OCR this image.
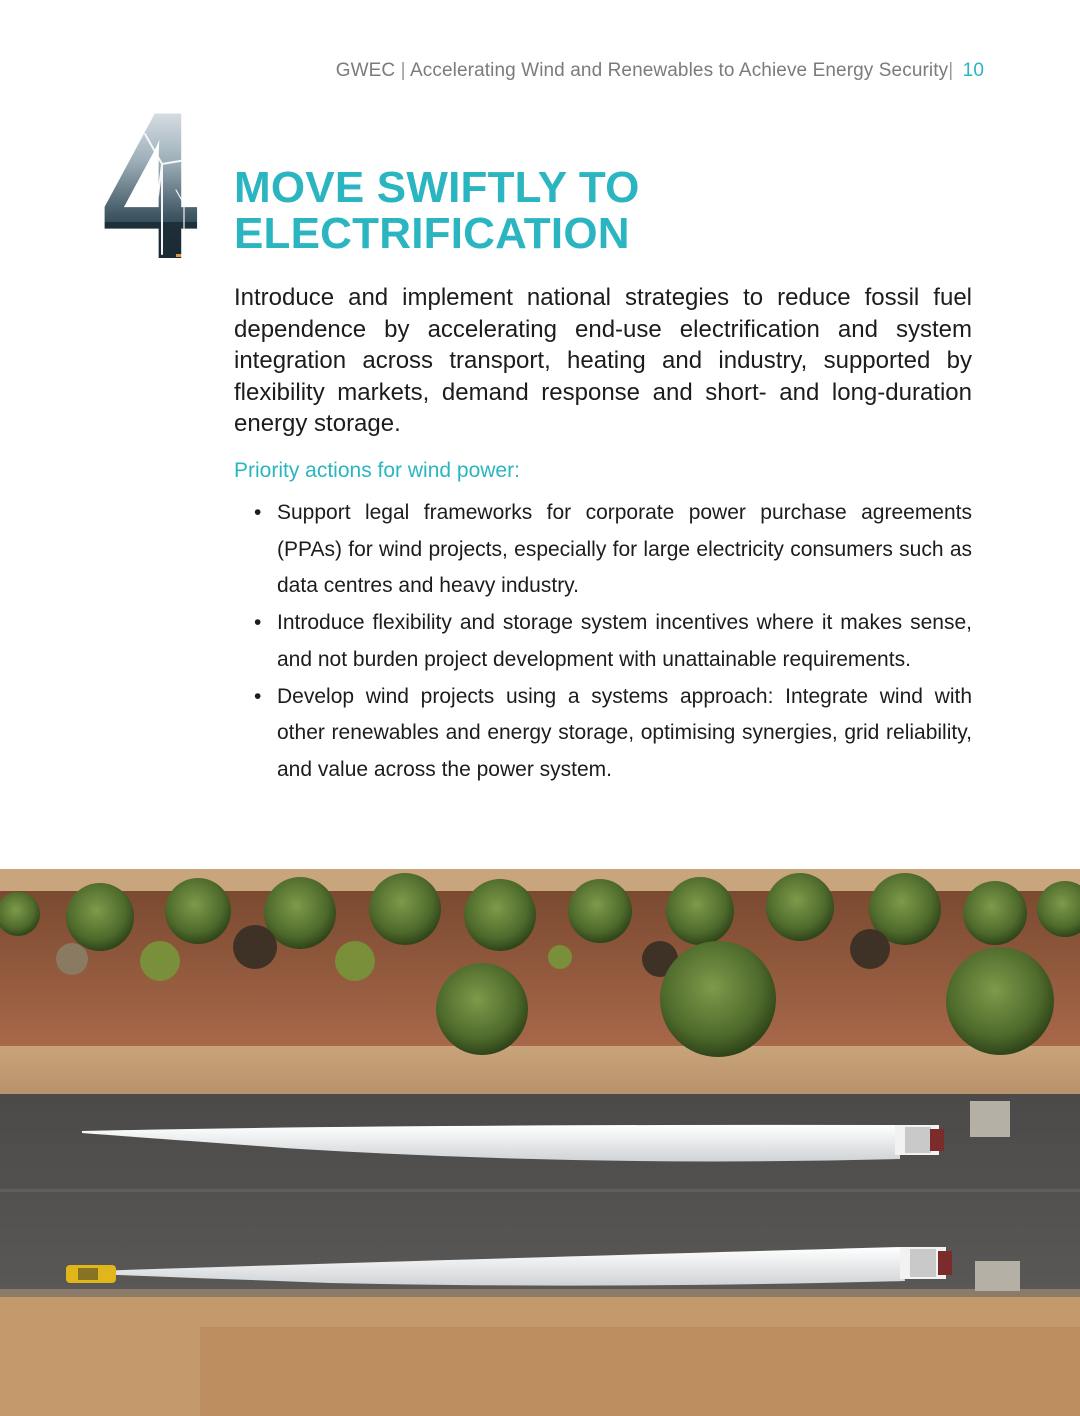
GWEC | Accelerating Wind and Renewables to Achieve Energy Security| 10
MOVE SWIFTLY TO
ELECTRIFICATION

Introduce and implement national strategies to reduce fossil fuel dependence by accelerating end-use electrification and system integration across transport, heating and industry, supported by flexibility markets, demand response and short- and long-duration energy storage.

Priority actions for wind power:
• Support legal frameworks for corporate power purchase agreements (PPAs) for wind projects, especially for large electricity consumers such as data centres and heavy industry.
• Introduce flexibility and storage system incentives where it makes sense, and not burden project development with unattainable requirements.
• Develop wind projects using a systems approach: Integrate wind with other renewables and energy storage, optimising synergies, grid reliability, and value across the power system.
